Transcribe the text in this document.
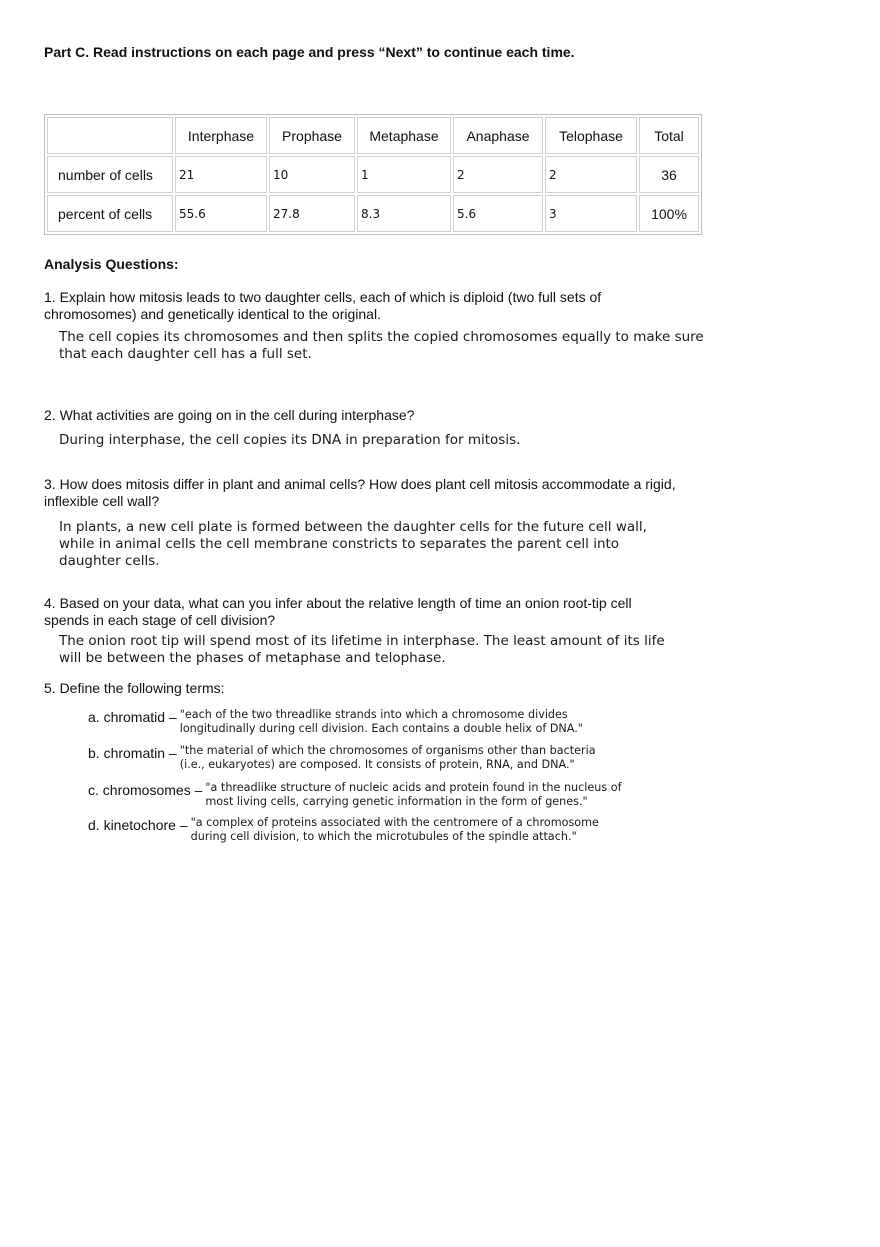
Part C. Read instructions on each page and press “Next” to continue each time.

	Interphase	Prophase	Metaphase	Anaphase	Telophase	Total
number of cells	21	10	1	2	2	36
percent of cells	55.6	27.8	8.3	5.6	3	100%

Analysis Questions:

1. Explain how mitosis leads to two daughter cells, each of which is diploid (two full sets of chromosomes) and genetically identical to the original.

The cell copies its chromosomes and then splits the copied chromosomes equally to make sure that each daughter cell has a full set.

2. What activities are going on in the cell during interphase?

During interphase, the cell copies its DNA in preparation for mitosis.

3. How does mitosis differ in plant and animal cells? How does plant cell mitosis accommodate a rigid, inflexible cell wall?

In plants, a new cell plate is formed between the daughter cells for the future cell wall, while in animal cells the cell membrane constricts to separates the parent cell into daughter cells.

4. Based on your data, what can you infer about the relative length of time an onion root-tip cell spends in each stage of cell division?

The onion root tip will spend most of its lifetime in interphase. The least amount of its life will be between the phases of metaphase and telophase.

5. Define the following terms:

a. chromatid – "each of the two threadlike strands into which a chromosome divides longitudinally during cell division. Each contains a double helix of DNA."
b. chromatin – "the material of which the chromosomes of organisms other than bacteria (i.e., eukaryotes) are composed. It consists of protein, RNA, and DNA."
c. chromosomes – "a threadlike structure of nucleic acids and protein found in the nucleus of most living cells, carrying genetic information in the form of genes."
d. kinetochore – "a complex of proteins associated with the centromere of a chromosome during cell division, to which the microtubules of the spindle attach."
